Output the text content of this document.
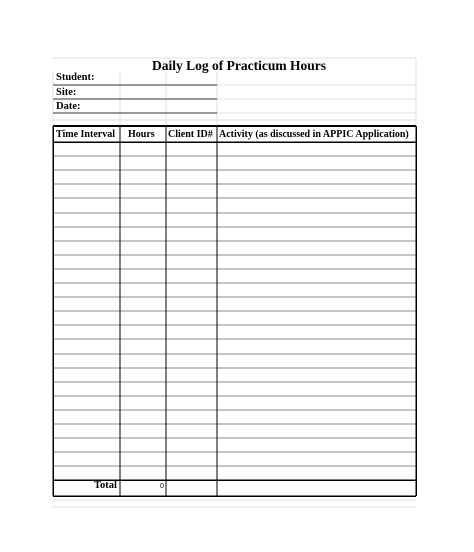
Daily Log of Practicum Hours
Student:
Site:
Date:
Time Interval Hours Client ID# Activity (as discussed in APPIC Application)
Total	0
